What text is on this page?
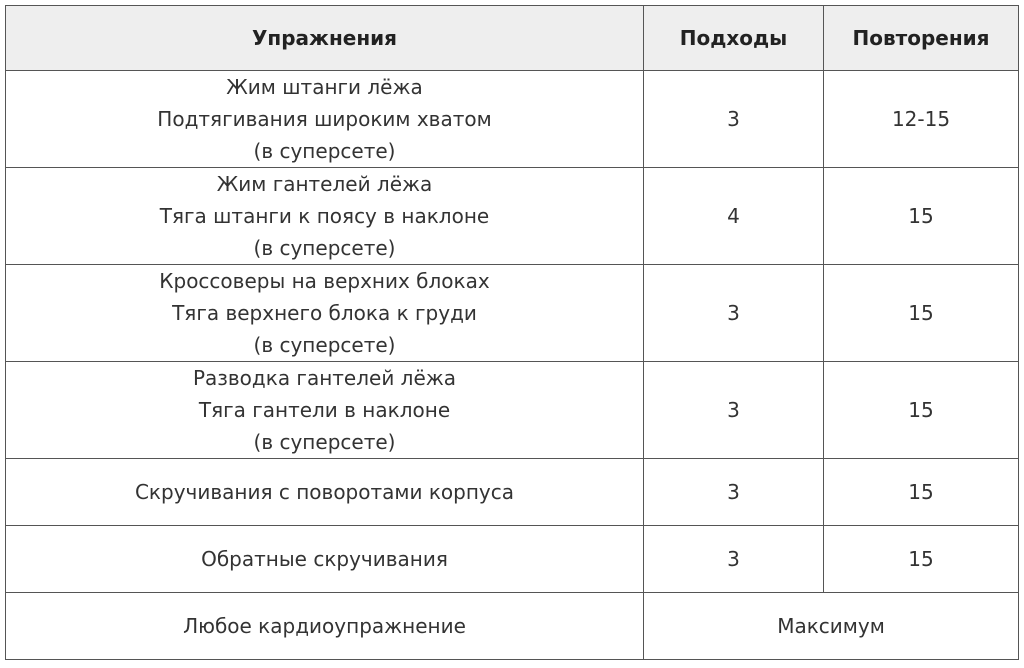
Упражнения	Подходы	Повторения

Жим штанги лёжа
Подтягивания широким хватом
(в суперсете)	3	12-15

Жим гантелей лёжа
Тяга штанги к поясу в наклоне
(в суперсете)	4	15

Кроссоверы на верхних блоках
Тяга верхнего блока к груди
(в суперсете)	3	15

Разводка гантелей лёжа
Тяга гантели в наклоне
(в суперсете)	3	15

Скручивания с поворотами корпуса	3	15

Обратные скручивания	3	15
Любое кардиоупражнение	Максимум	
